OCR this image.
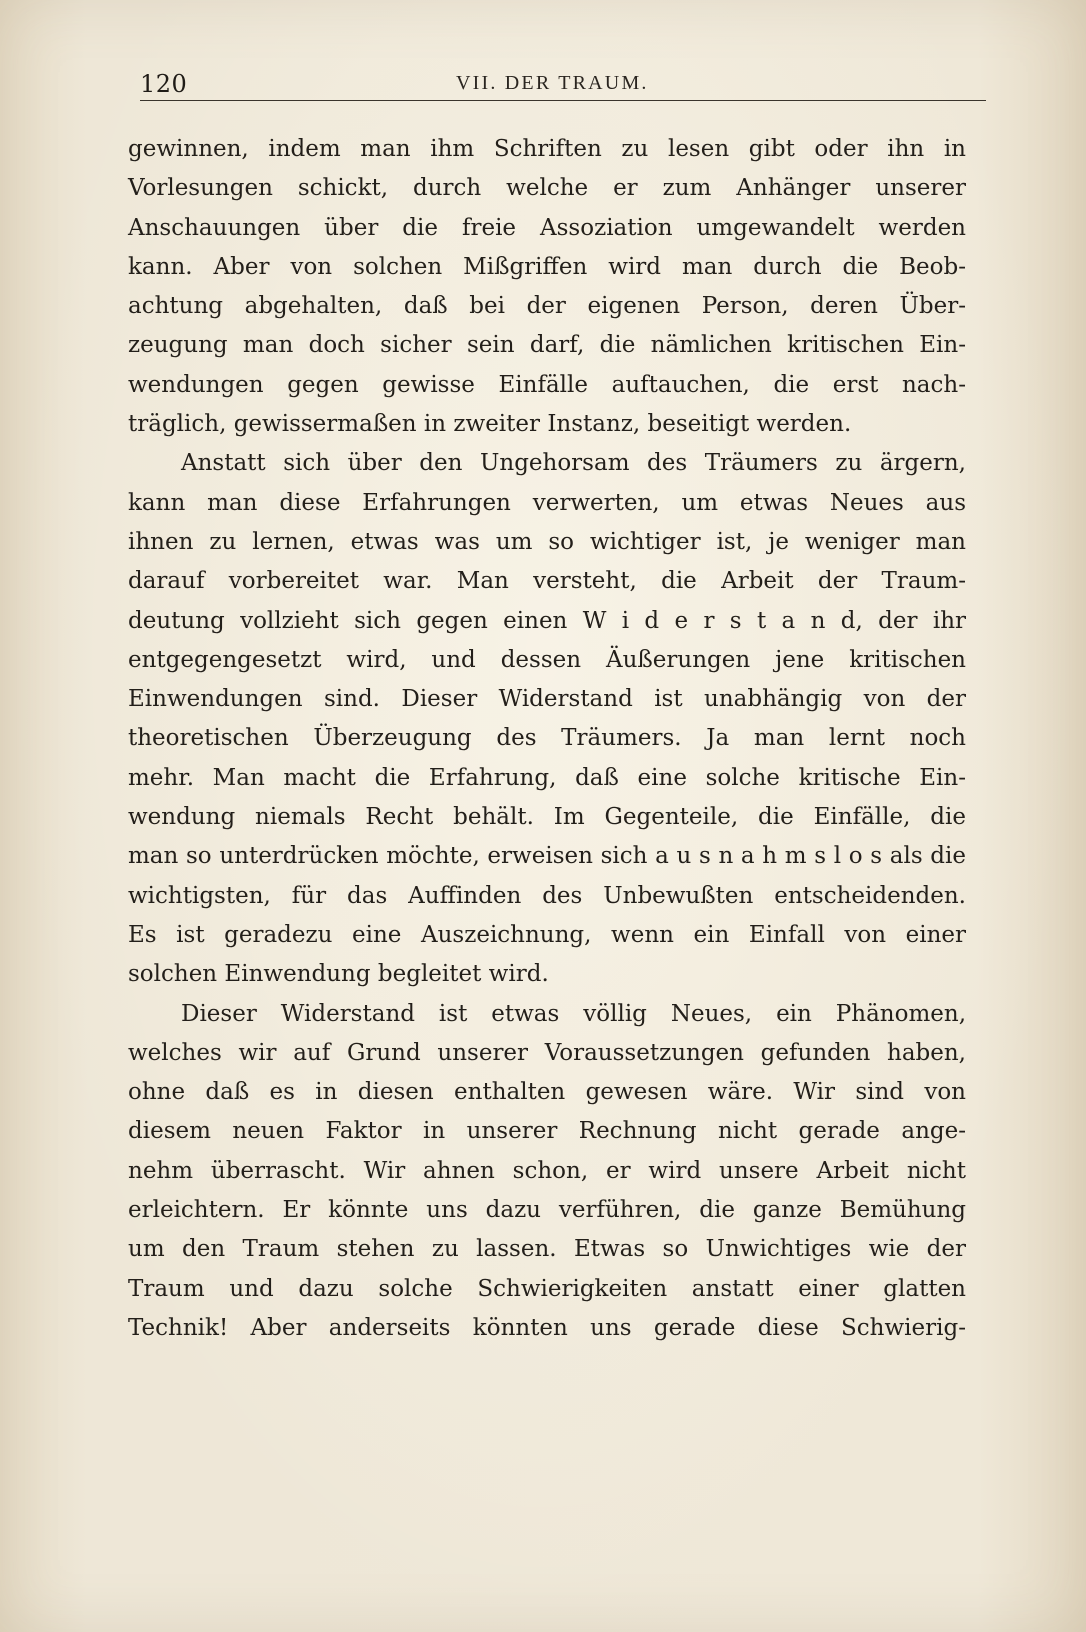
120	VII. DER TRAUM.
gewinnen, indem man ihm Schriften zu lesen gibt oder ihn in
Vorlesungen schickt, durch welche er zum Anhänger unserer
Anschauungen über die freie Assoziation umgewandelt werden
kann. Aber von solchen Mißgriffen wird man durch die Beob-
achtung abgehalten, daß bei der eigenen Person, deren Über-
zeugung man doch sicher sein darf, die nämlichen kritischen Ein-
wendungen gegen gewisse Einfälle auftauchen, die erst nach-
träglich, gewissermaßen in zweiter Instanz, beseitigt werden.
Anstatt sich über den Ungehorsam des Träumers zu ärgern,
kann man diese Erfahrungen verwerten, um etwas Neues aus
ihnen zu lernen, etwas was um so wichtiger ist, je weniger man
darauf vorbereitet war. Man versteht, die Arbeit der Traum-
deutung vollzieht sich gegen einen W i d e r s t a n d, der ihr
entgegengesetzt wird, und dessen Äußerungen jene kritischen
Einwendungen sind. Dieser Widerstand ist unabhängig von der
theoretischen Überzeugung des Träumers. Ja man lernt noch
mehr. Man macht die Erfahrung, daß eine solche kritische Ein-
wendung niemals Recht behält. Im Gegenteile, die Einfälle, die
man so unterdrücken möchte, erweisen sich a u s n a h m s l o s als die
wichtigsten, für das Auffinden des Unbewußten entscheidenden.
Es ist geradezu eine Auszeichnung, wenn ein Einfall von einer
solchen Einwendung begleitet wird.
Dieser Widerstand ist etwas völlig Neues, ein Phänomen,
welches wir auf Grund unserer Voraussetzungen gefunden haben,
ohne daß es in diesen enthalten gewesen wäre. Wir sind von
diesem neuen Faktor in unserer Rechnung nicht gerade ange-
nehm überrascht. Wir ahnen schon, er wird unsere Arbeit nicht
erleichtern. Er könnte uns dazu verführen, die ganze Bemühung
um den Traum stehen zu lassen. Etwas so Unwichtiges wie der
Traum und dazu solche Schwierigkeiten anstatt einer glatten
Technik! Aber anderseits könnten uns gerade diese Schwierig-
